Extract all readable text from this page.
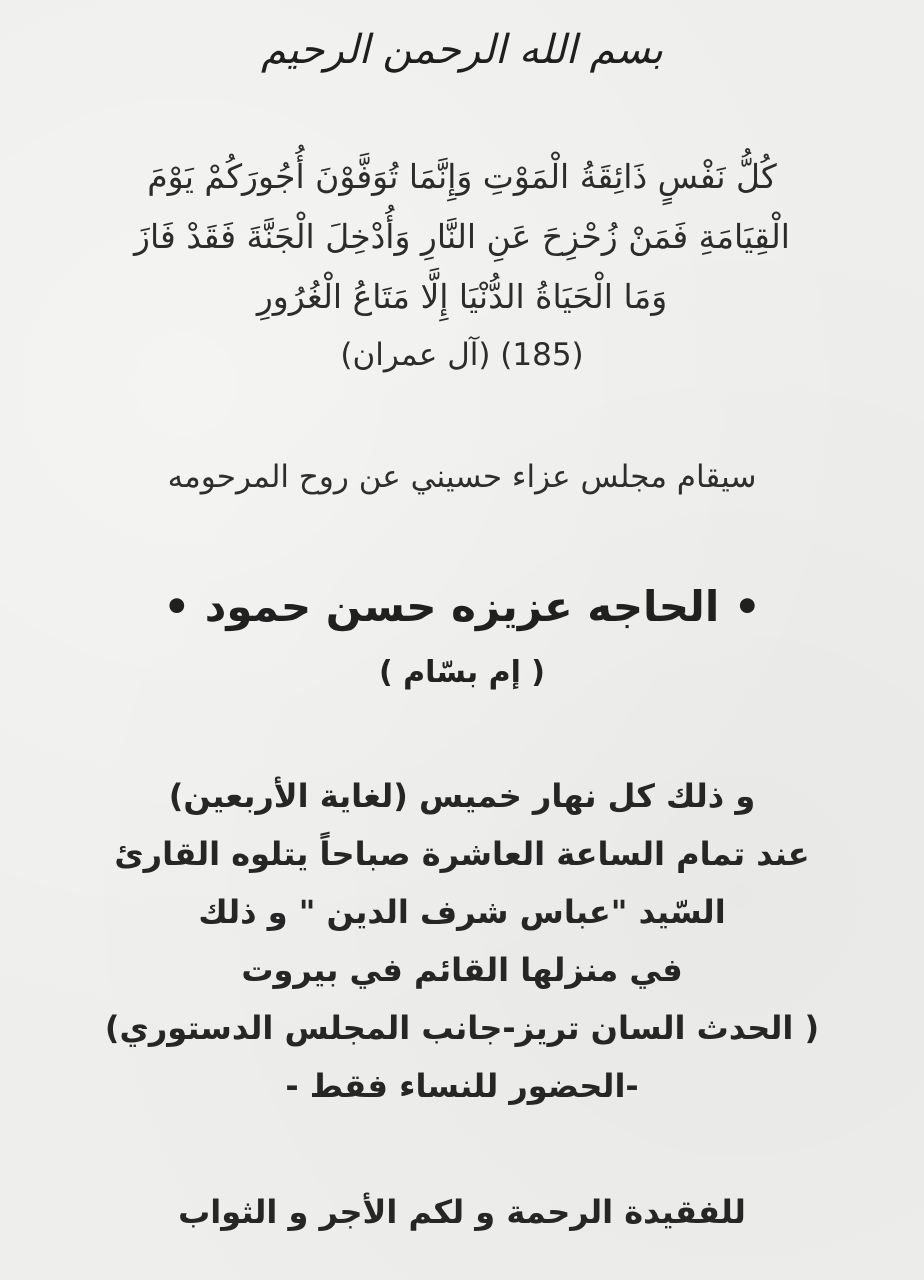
بسم الله الرحمن الرحيم
كُلُّ نَفْسٍ ذَائِقَةُ الْمَوْتِ وَإِنَّمَا تُوَفَّوْنَ أُجُورَكُمْ يَوْمَ
الْقِيَامَةِ فَمَنْ زُحْزِحَ عَنِ النَّارِ وَأُدْخِلَ الْجَنَّةَ فَقَدْ فَازَ
وَمَا الْحَيَاةُ الدُّنْيَا إِلَّا مَتَاعُ الْغُرُورِ
(185) (آل عمران)
سيقام مجلس عزاء حسيني عن روح المرحومه
• الحاجه عزيزه حسن حمود •
( إم بسّام )
و ذلك كل نهار خميس (لغاية الأربعين)
عند تمام الساعة العاشرة صباحاً يتلوه القارئ
السّيد "عباس شرف الدين " و ذلك
في منزلها القائم في بيروت
( الحدث السان تريز-جانب المجلس الدستوري)
-الحضور للنساء فقط -
للفقيدة الرحمة و لكم الأجر و الثواب
